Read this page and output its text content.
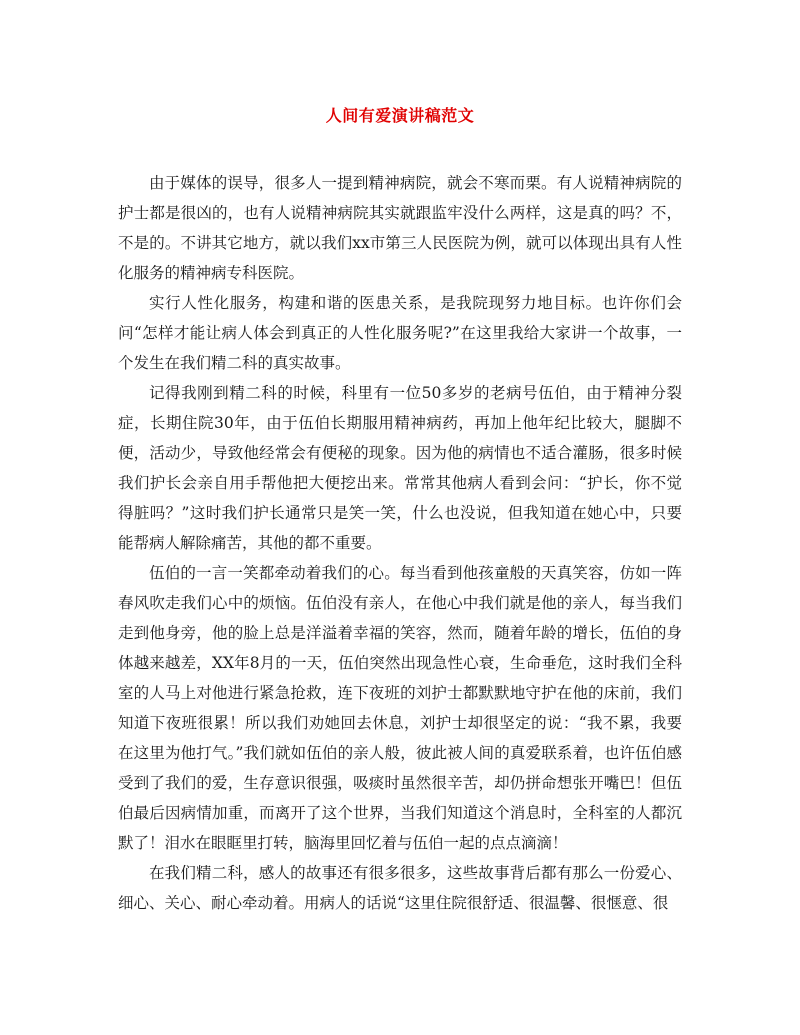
人间有爱演讲稿范文

由于媒体的误导，很多人一提到精神病院，就会不寒而栗。有人说精神病院的护士都是很凶的，也有人说精神病院其实就跟监牢没什么两样，这是真的吗？不，不是的。不讲其它地方，就以我们xx市第三人民医院为例，就可以体现出具有人性化服务的精神病专科医院。

实行人性化服务，构建和谐的医患关系，是我院现努力地目标。也许你们会问“怎样才能让病人体会到真正的人性化服务呢?”在这里我给大家讲一个故事，一个发生在我们精二科的真实故事。

记得我刚到精二科的时候，科里有一位50多岁的老病号伍伯，由于精神分裂症，长期住院30年，由于伍伯长期服用精神病药，再加上他年纪比较大，腿脚不便，活动少，导致他经常会有便秘的现象。因为他的病情也不适合灌肠，很多时候我们护长会亲自用手帮他把大便挖出来。常常其他病人看到会问：“护长，你不觉得脏吗？”这时我们护长通常只是笑一笑，什么也没说，但我知道在她心中，只要能帮病人解除痛苦，其他的都不重要。

伍伯的一言一笑都牵动着我们的心。每当看到他孩童般的天真笑容，仿如一阵春风吹走我们心中的烦恼。伍伯没有亲人，在他心中我们就是他的亲人，每当我们走到他身旁，他的脸上总是洋溢着幸福的笑容，然而，随着年龄的增长，伍伯的身体越来越差，XX年8月的一天，伍伯突然出现急性心衰，生命垂危，这时我们全科室的人马上对他进行紧急抢救，连下夜班的刘护士都默默地守护在他的床前，我们知道下夜班很累！所以我们劝她回去休息，刘护士却很坚定的说：“我不累，我要在这里为他打气。”我们就如伍伯的亲人般，彼此被人间的真爱联系着，也许伍伯感受到了我们的爱，生存意识很强，吸痰时虽然很辛苦，却仍拼命想张开嘴巴！但伍伯最后因病情加重，而离开了这个世界，当我们知道这个消息时，全科室的人都沉默了！泪水在眼眶里打转，脑海里回忆着与伍伯一起的点点滴滴！

在我们精二科，感人的故事还有很多很多，这些故事背后都有那么一份爱心、细心、关心、耐心牵动着。用病人的话说“这里住院很舒适、很温馨、很惬意、很
